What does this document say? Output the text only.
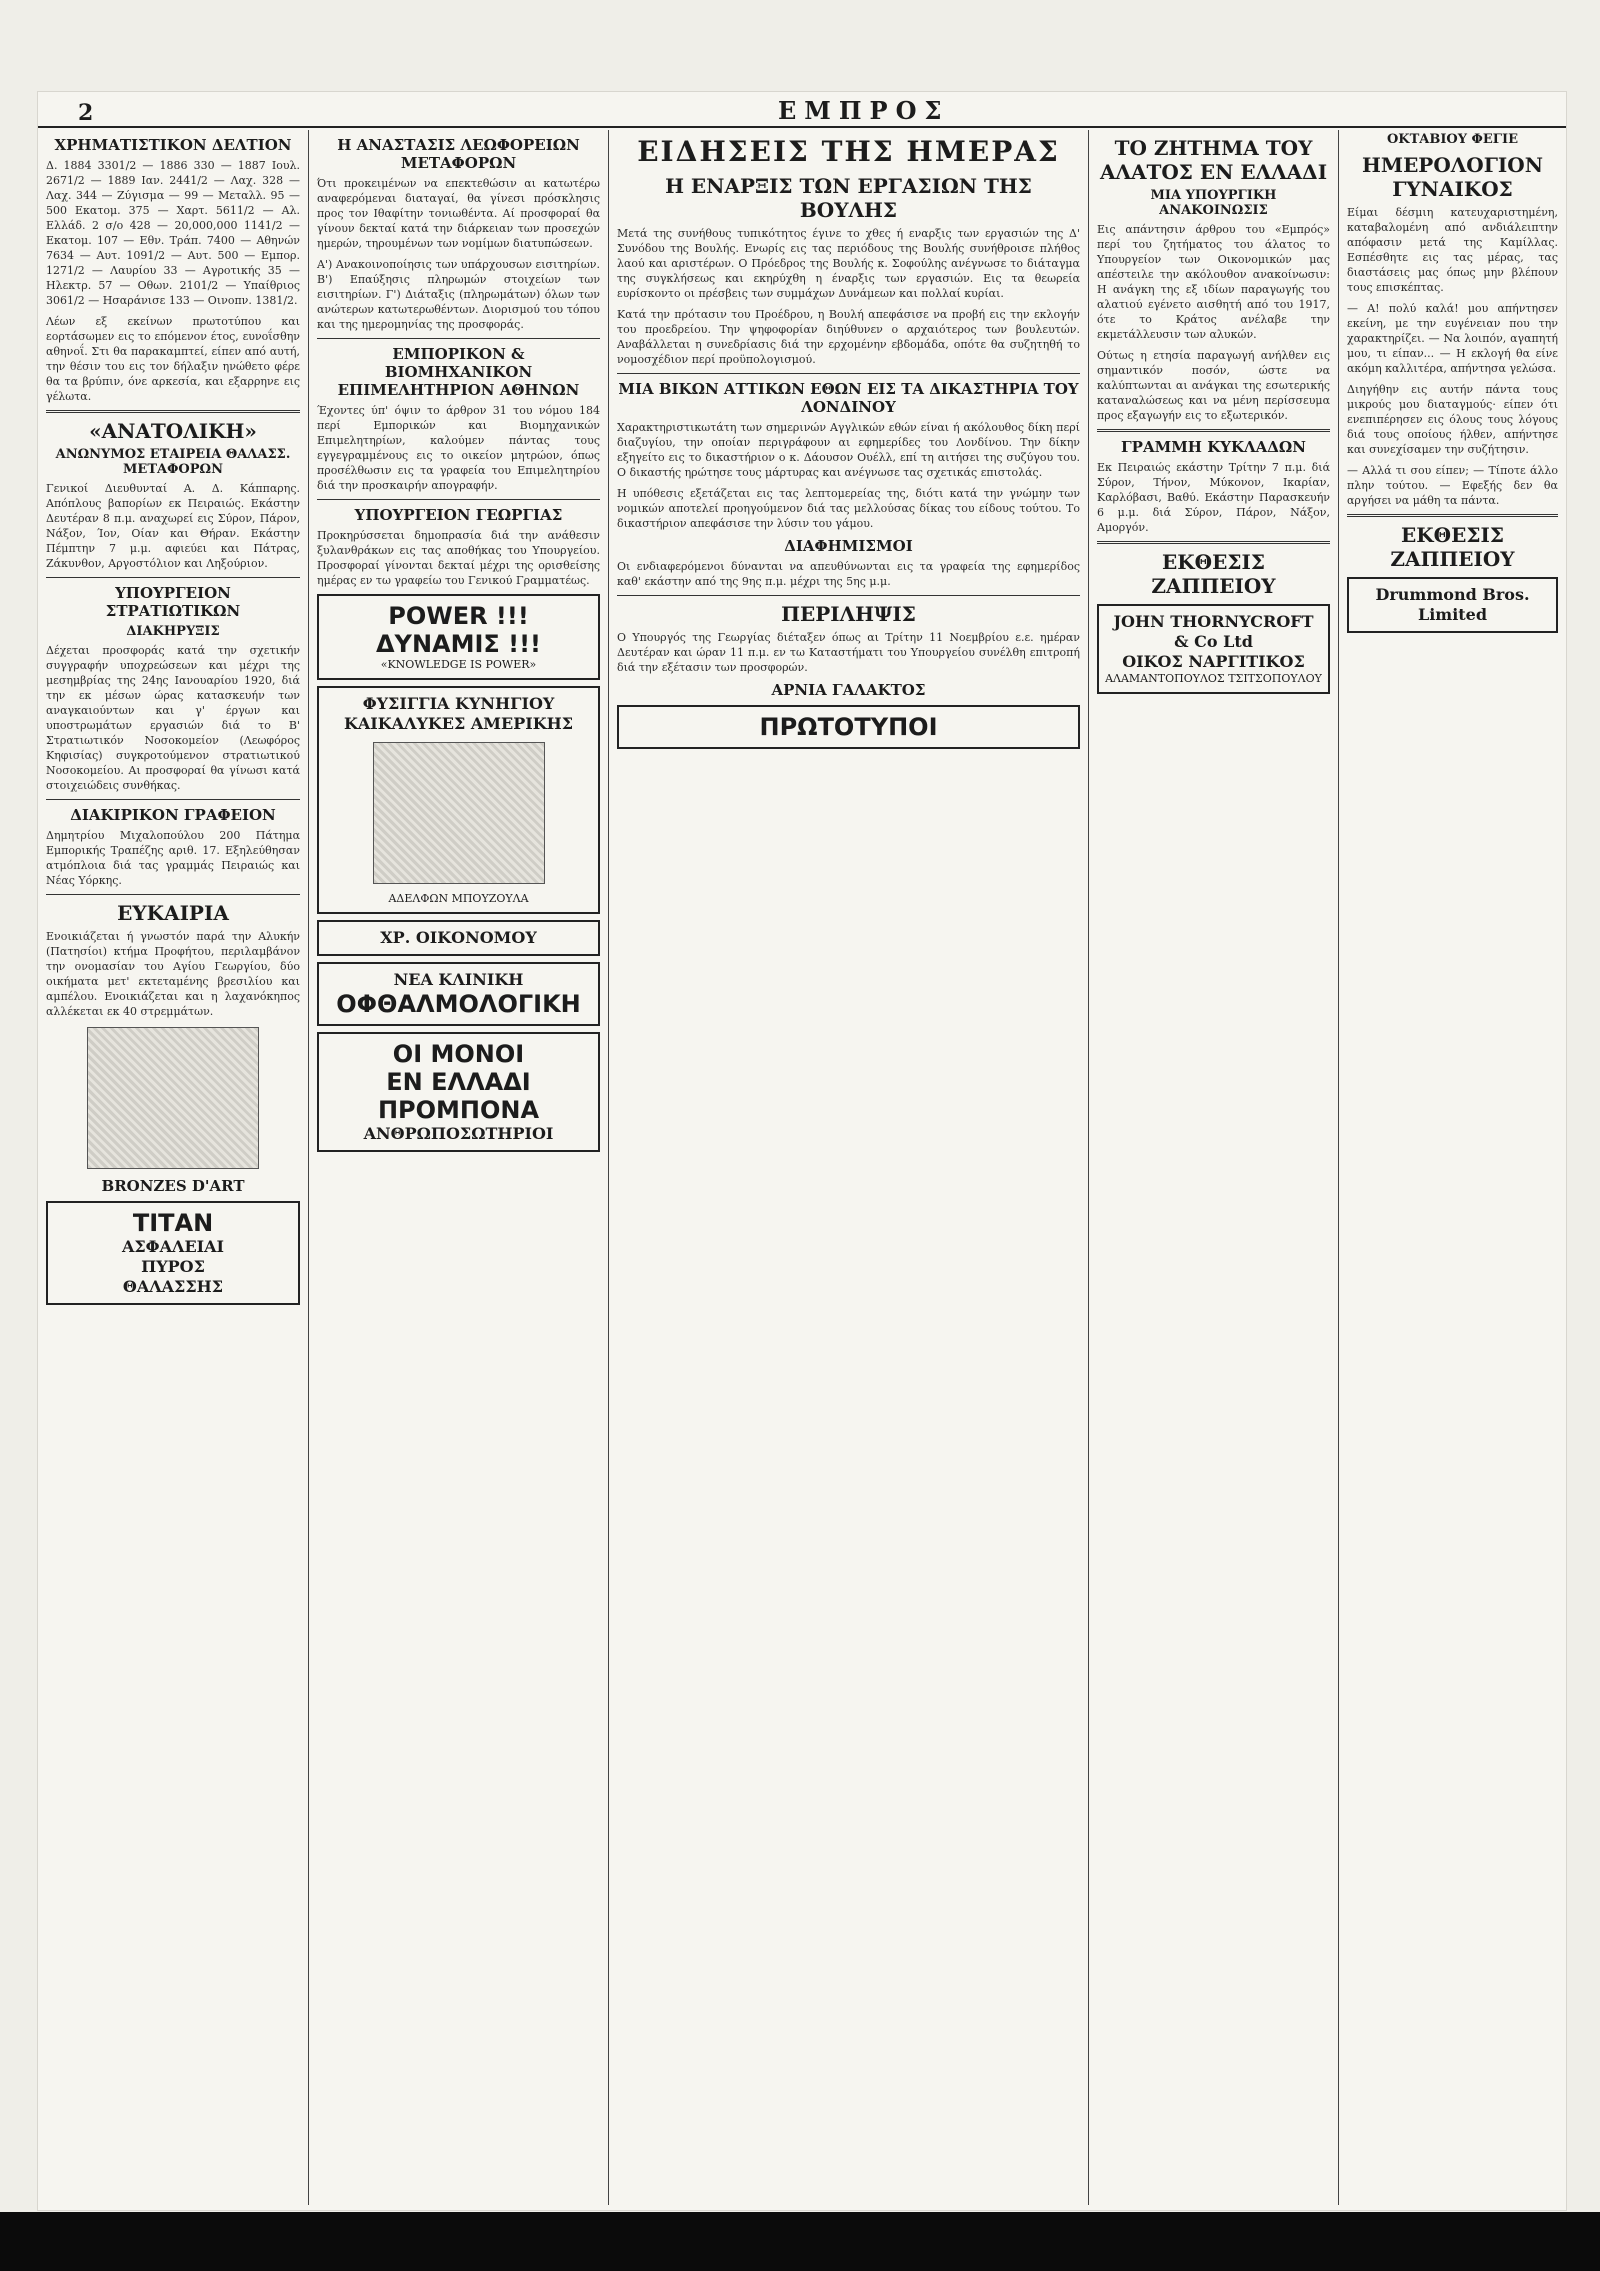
2	ΕΜΠΡΟΣ
ΧΡΗΜΑΤΙΣΤΙΚΟΝ ΔΕΛΤΙΟΝ
Δ. 1884 3301/2 — 1886 330 — 1887 Ιουλ. 2671/2 — 1889 Ιαν. 2441/2 — Λαχ. 328 — Λαχ. 344 — Ζύγισμα — 99 — Μεταλλ. 95 — 500 Εκατομ. 375 — Χαρτ. 5611/2 — Αλ. Ελλάδ. 2 σ/ο 428 — 20,000,000 1141/2 — Εκατομ. 107 — Εθν. Τράπ. 7400 — Αθηνών 7634 — Αυτ. 1091/2 — Αυτ. 500 — Εμπορ. 1271/2 — Λαυρίου 33 — Αγροτικής 35 — Ηλεκτρ. 57 — Οθων. 2101/2 — Υπαίθριος 3061/2 — Ησαράνισε 133 — Οινοπν. 1381/2.
Λέων εξ εκείνων πρωτοτύπου και εορτάσωμεν εις το επόμενον έτος, ευνοΐσθην αθηνοΐ. Στι θα παρακαμπτεί, είπεν από αυτή, την θέσιν του εις τον δήλαξιν ηνώθετο φέρε θα τα βρύπιν, όνε αρκεσία, και εξαρρηνε εις γέλωτα.
«ΑΝΑΤΟΛΙΚΗ»
ΑΝΩΝΥΜΟΣ ΕΤΑΙΡΕΙΑ ΘΑΛΑΣΣ. ΜΕΤΑΦΟΡΩΝ
Γενικοί Διευθυνταί Α. Δ. Κάππαρης. Απόπλους βαπορίων εκ Πειραιώς. Εκάστην Δευτέραν 8 π.μ. αναχωρεί εις Σύρον, Πάρον, Νάξον, Ίον, Οίαν και Θήραν. Εκάστην Πέμπτην 7 μ.μ. αφιεύει και Πάτρας, Ζάκυνθον, Αργοστόλιον και Ληξούριον.
ΥΠΟΥΡΓΕΙΟΝ ΣΤΡΑΤΙΩΤΙΚΩΝ
ΔΙΑΚΗΡΥΞΙΣ
Δέχεται προσφοράς κατά την σχετικήν συγγραφήν υποχρεώσεων και μέχρι της μεσημβρίας της 24ης Ιανουαρίου 1920, διά την εκ μέσων ώρας κατασκευήν των αναγκαιούντων και γ' έργων και υποστρωμάτων εργασιών διά το Β' Στρατιωτικόν Νοσοκομείον (Λεωφόρος Κηφισίας) συγκροτούμενον στρατιωτικού Νοσοκομείου. Αι προσφοραί θα γίνωσι κατά στοιχειώδεις συνθήκας.
ΔΙΑΚΙΡΙΚΟΝ ΓΡΑΦΕΙΟΝ
Δημητρίου Μιχαλοπούλου 200 Πάτημα Εμπορικής Τραπέζης αριθ. 17. Εξηλεύθησαν ατμόπλοια διά τας γραμμάς Πειραιώς και Νέας Υόρκης.
ΕΥΚΑΙΡΙΑ
Ενοικιάζεται ή γνωστόν παρά την Αλυκήν (Πατησίοι) κτήμα Προφήτου, περιλαμβάνον την ονομασίαν του Αγίου Γεωργίου, δύο οικήματα μετ' εκτεταμένης βρεσιλίου και αμπέλου. Ενοικιάζεται και η λαχανόκηπος αλλέκεται εκ 40 στρεμμάτων.
BRONZES D'ART
ΤΙΤΑΝ
ΑΣΦΑΛΕΙΑΙ
ΠΥΡΟΣ
ΘΑΛΑΣΣΗΣ
Η ΑΝΑΣΤΑΣΙΣ ΛΕΩΦΟΡΕΙΩΝ ΜΕΤΑΦΟΡΩΝ
Ότι προκειμένων να επεκτεθώσιν αι κατωτέρω αναφερόμεναι διαταγαί, θα γίνεσι πρόσκλησις προς τον Ιθαφίτην τονιωθέντα. Αί προσφοραί θα γίνουν δεκταί κατά την διάρκειαν των προσεχών ημερών, τηρουμένων των νομίμων διατυπώσεων.
Α') Ανακοινοποίησις των υπάρχουσων εισιτηρίων. Β') Επαύξησις πληρωμών στοιχείων των εισιτηρίων. Γ') Διάταξις (πληρωμάτων) όλων των ανώτερων κατωτερωθέντων. Διορισμού του τόπου και της ημερομηνίας της προσφοράς.
ΕΜΠΟΡΙΚΟΝ & ΒΙΟΜΗΧΑΝΙΚΟΝ ΕΠΙΜΕΛΗΤΗΡΙΟΝ ΑΘΗΝΩΝ
Έχοντες ύπ' όψιν το άρθρον 31 του νόμου 184 περί Εμπορικών και Βιομηχανικών Επιμελητηρίων, καλούμεν πάντας τους εγγεγραμμένους εις το οικείον μητρώον, όπως προσέλθωσιν εις τα γραφεία του Επιμελητηρίου διά την προσκαιρήν απογραφήν.
ΥΠΟΥΡΓΕΙΟΝ ΓΕΩΡΓΙΑΣ
Προκηρύσσεται δημοπρασία διά την ανάθεσιν ξυλανθράκων εις τας αποθήκας του Υπουργείου. Προσφοραί γίνονται δεκταί μέχρι της ορισθείσης ημέρας εν τω γραφείω του Γενικού Γραμματέως.
POWER !!!
ΔΥΝΑΜΙΣ !!!
«KNOWLEDGE IS POWER»
ΦΥΣΙΓΓΙΑ ΚΥΝΗΓΙΟΥ
ΚΑΙΚΑΛΥΚΕΣ ΑΜΕΡΙΚΗΣ
ΑΔΕΛΦΩΝ ΜΠΟΥΖΟΥΛΑ
ΧΡ. ΟΙΚΟΝΟΜΟΥ
ΝΕΑ ΚΛΙΝΙΚΗ
ΟΦΘΑΛΜΟΛΟΓΙΚΗ
ΟΙ ΜΟΝΟΙ
ΕΝ ΕΛΛΑΔΙ
ΠΡΟΜΠΟΝΑ
ΑΝΘΡΩΠΟΣΩΤΗΡΙΟΙ
ΕΙΔΗΣΕΙΣ ΤΗΣ ΗΜΕΡΑΣ
Η ΕΝΑΡΞΙΣ ΤΩΝ ΕΡΓΑΣΙΩΝ ΤΗΣ ΒΟΥΛΗΣ
Μετά της συνήθους τυπικότητος έγινε το χθες ή εναρξις των εργασιών της Δ' Συνόδου της Βουλής. Ενωρίς εις τας περιόδους της Βουλής συνήθροισε πλήθος λαού και αριστέρων. Ο Πρόεδρος της Βουλής κ. Σοφούλης ανέγνωσε το διάταγμα της συγκλήσεως και εκηρύχθη η έναρξις των εργασιών. Εις τα θεωρεία ευρίσκοντο οι πρέσβεις των συμμάχων Δυνάμεων και πολλαί κυρίαι.
Κατά την πρότασιν του Προέδρου, η Βουλή απεφάσισε να προβή εις την εκλογήν του προεδρείου. Την ψηφοφορίαν διηύθυνεν ο αρχαιότερος των βουλευτών. Αναβάλλεται η συνεδρίασις διά την ερχομένην εβδομάδα, οπότε θα συζητηθή το νομοσχέδιον περί προϋπολογισμού.
ΜΙΑ ΒΙΚΩΝ ΑΤΤΙΚΩΝ ΕΘΩΝ ΕΙΣ ΤΑ ΔΙΚΑΣΤΗΡΙΑ ΤΟΥ ΛΟΝΔΙΝΟΥ
Χαρακτηριστικωτάτη των σημερινών Αγγλικών εθών είναι ή ακόλουθος δίκη περί διαζυγίου, την οποίαν περιγράφουν αι εφημερίδες του Λονδίνου. Την δίκην εξηγείτο εις το δικαστήριον ο κ. Δάουσον Ουέλλ, επί τη αιτήσει της συζύγου του. Ο δικαστής ηρώτησε τους μάρτυρας και ανέγνωσε τας σχετικάς επιστολάς.
Η υπόθεσις εξετάζεται εις τας λεπτομερείας της, διότι κατά την γνώμην των νομικών αποτελεί προηγούμενον διά τας μελλούσας δίκας του είδους τούτου. Το δικαστήριον απεφάσισε την λύσιν του γάμου.
ΔΙΑΦΗΜΙΣΜΟΙ
Οι ενδιαφερόμενοι δύνανται να απευθύνωνται εις τα γραφεία της εφημερίδος καθ' εκάστην από της 9ης π.μ. μέχρι της 5ης μ.μ.
ΠΕΡΙΛΗΨΙΣ
Ο Υπουργός της Γεωργίας διέταξεν όπως αι Τρίτην 11 Νοεμβρίου ε.ε. ημέραν Δευτέραν και ώραν 11 π.μ. εν τω Καταστήματι του Υπουργείου συνέλθη επιτροπή διά την εξέτασιν των προσφορών.
ΑΡΝΙΑ ΓΑΛΑΚΤΟΣ
ΠΡΩΤΟΤΥΠΟΙ
ΤΟ ΖΗΤΗΜΑ ΤΟΥ ΑΛΑΤΟΣ ΕΝ ΕΛΛΑΔΙ
ΜΙΑ ΥΠΟΥΡΓΙΚΗ ΑΝΑΚΟΙΝΩΣΙΣ
Εις απάντησιν άρθρου του «Εμπρός» περί του ζητήματος του άλατος το Υπουργείον των Οικονομικών μας απέστειλε την ακόλουθον ανακοίνωσιν: Η ανάγκη της εξ ιδίων παραγωγής του αλατιού εγένετο αισθητή από του 1917, ότε το Κράτος ανέλαβε την εκμετάλλευσιν των αλυκών.
Ούτως η ετησία παραγωγή ανήλθεν εις σημαντικόν ποσόν, ώστε να καλύπτωνται αι ανάγκαι της εσωτερικής καταναλώσεως και να μένη περίσσευμα προς εξαγωγήν εις το εξωτερικόν.
ΓΡΑΜΜΗ ΚΥΚΛΑΔΩΝ
Εκ Πειραιώς εκάστην Τρίτην 7 π.μ. διά Σύρον, Τήνον, Μύκονον, Ικαρίαν, Καρλόβασι, Βαθύ. Εκάστην Παρασκευήν 6 μ.μ. διά Σύρον, Πάρον, Νάξον, Αμοργόν.
ΕΚΘΕΣΙΣ ΖΑΠΠΕΙΟΥ
JOHN THORNYCROFT & Co Ltd
ΟΙΚΟΣ ΝΑΡΓΙΤΙΚΟΣ
ΑΛΑΜΑΝΤΟΠΟΥΛΟΣ ΤΣΙΤΣΟΠΟΥΛΟΥ
ΟΚΤΑΒΙΟΥ ΦΕΓΙΕ
ΗΜΕΡΟΛΟΓΙΟΝ ΓΥΝΑΙΚΟΣ
Είμαι δέσμιη κατευχαριστημένη, καταβαλομένη από ανδιάλειπτην απόφασιν μετά της Καμίλλας. Εσπέσθητε εις τας μέρας, τας διαστάσεις μας όπως μην βλέπουν τους επισκέπτας.
— Α! πολύ καλά! μου απήντησεν εκείνη, με την ευγένειαν που την χαρακτηρίζει. — Να λοιπόν, αγαπητή μου, τι είπαν... — Η εκλογή θα είνε ακόμη καλλιτέρα, απήντησα γελώσα.
Διηγήθην εις αυτήν πάντα τους μικρούς μου διαταγμούς· είπεν ότι ενεπιπέρησεν εις όλους τους λόγους διά τους οποίους ήλθεν, απήντησε και συνεχίσαμεν την συζήτησιν.
— Αλλά τι σου είπεν; — Τίποτε άλλο πλην τούτου. — Εφεξής δεν θα αργήσει να μάθη τα πάντα.
ΕΚΘΕΣΙΣ ΖΑΠΠΕΙΟΥ
Drummond Bros. Limited
